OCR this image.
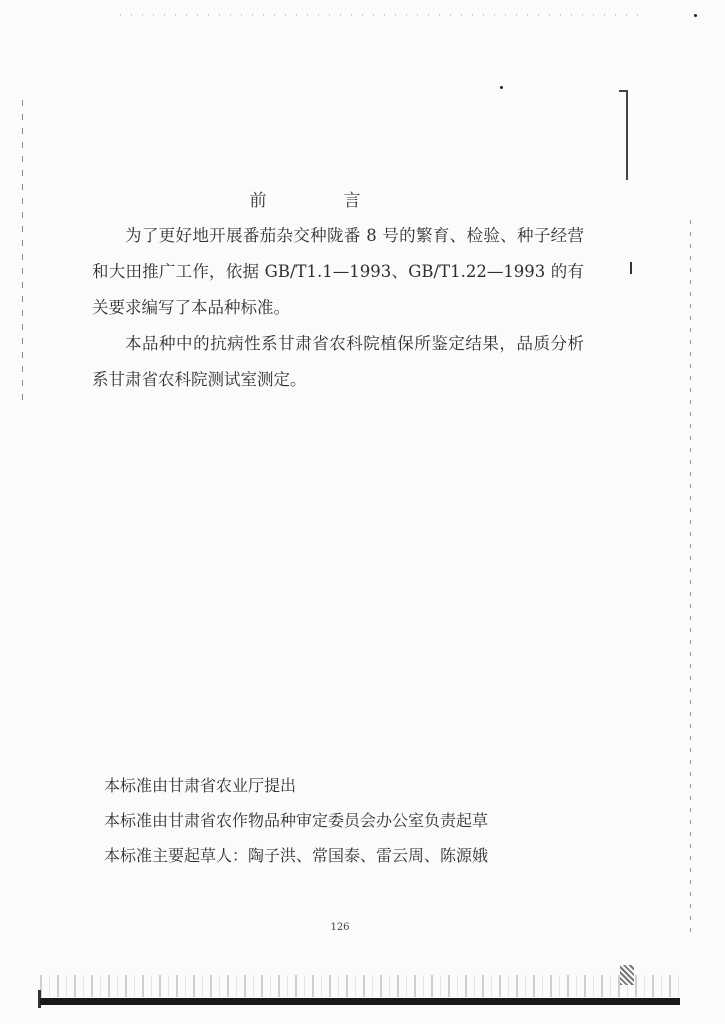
前　言
为了更好地开展番茄杂交种陇番 8 号的繁育、检验、种子经营和大田推广工作，依据 GB/T1.1—1993、GB/T1.22—1993 的有关要求编写了本品种标准。
本品种中的抗病性系甘肃省农科院植保所鉴定结果，品质分析系甘肃省农科院测试室测定。
本标准由甘肃省农业厅提出
本标准由甘肃省农作物品种审定委员会办公室负责起草
本标准主要起草人：陶子洪、常国泰、雷云周、陈源娥
126
